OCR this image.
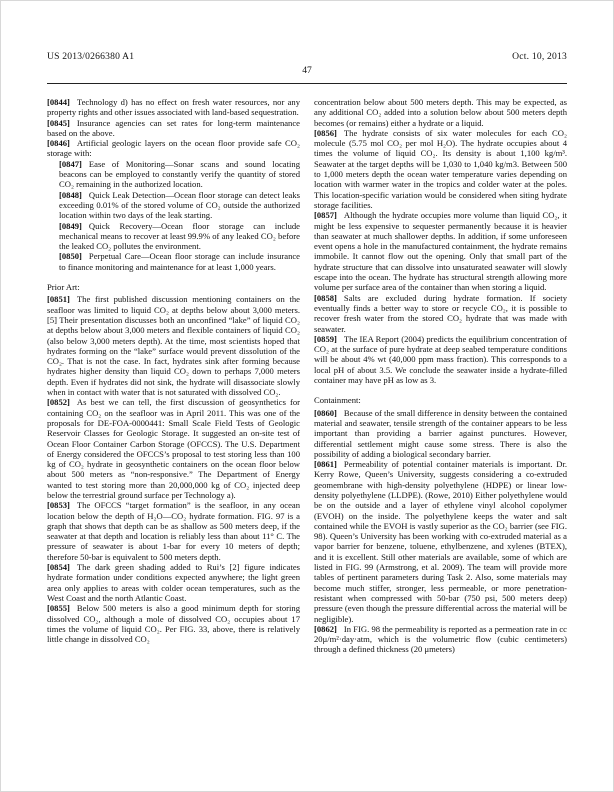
US 2013/0266380 A1	Oct. 10, 2013
47

[0844] Technology d) has no effect on fresh water resources, nor any property rights and other issues associated with land-based sequestration.

[0845] Insurance agencies can set rates for long-term maintenance based on the above.

[0846] Artificial geologic layers on the ocean floor provide safe CO₂ storage with:

[0847] Ease of Monitoring—Sonar scans and sound locating beacons can be employed to constantly verify the quantity of stored CO₂ remaining in the authorized location.

[0848] Quick Leak Detection—Ocean floor storage can detect leaks exceeding 0.01% of the stored volume of CO₂ outside the authorized location within two days of the leak starting.

[0849] Quick Recovery—Ocean floor storage can include mechanical means to recover at least 99.9% of any leaked CO₂ before the leaked CO₂ pollutes the environment.

[0850] Perpetual Care—Ocean floor storage can include insurance to finance monitoring and maintenance for at least 1,000 years.

Prior Art:

[0851] The first published discussion mentioning containers on the seafloor was limited to liquid CO₂ at depths below about 3,000 meters. [5] Their presentation discusses both an unconfined “lake” of liquid CO₂ at depths below about 3,000 meters and flexible containers of liquid CO₂ (also below 3,000 meters depth). At the time, most scientists hoped that hydrates forming on the “lake” surface would prevent dissolution of the CO₂. That is not the case. In fact, hydrates sink after forming because hydrates higher density than liquid CO₂ down to perhaps 7,000 meters depth. Even if hydrates did not sink, the hydrate will disassociate slowly when in contact with water that is not saturated with dissolved CO₂.

[0852] As best we can tell, the first discussion of geosynthetics for containing CO₂ on the seafloor was in April 2011. This was one of the proposals for DE-FOA-0000441: Small Scale Field Tests of Geologic Reservoir Classes for Geologic Storage. It suggested an on-site test of Ocean Floor Container Carbon Storage (OFCCS). The U.S. Department of Energy considered the OFCCS’s proposal to test storing less than 100 kg of CO₂ hydrate in geosynthetic containers on the ocean floor below about 500 meters as “non-responsive.” The Department of Energy wanted to test storing more than 20,000,000 kg of CO₂ injected deep below the terrestrial ground surface per Technology a).

[0853] The OFCCS “target formation” is the seafloor, in any ocean location below the depth of H₂O—CO₂ hydrate formation. FIG. 97 is a graph that shows that depth can be as shallow as 500 meters deep, if the seawater at that depth and location is reliably less than about 11° C. The pressure of seawater is about 1-bar for every 10 meters of depth; therefore 50-bar is equivalent to 500 meters depth.

[0854] The dark green shading added to Rui’s [2] figure indicates hydrate formation under conditions expected anywhere; the light green area only applies to areas with colder ocean temperatures, such as the West Coast and the north Atlantic Coast.

[0855] Below 500 meters is also a good minimum depth for storing dissolved CO₂, although a mole of dissolved CO₂ occupies about 17 times the volume of liquid CO₂. Per FIG. 33, above, there is relatively little change in dissolved CO₂

concentration below about 500 meters depth. This may be expected, as any additional CO₂ added into a solution below about 500 meters depth becomes (or remains) either a hydrate or a liquid.

[0856] The hydrate consists of six water molecules for each CO₂ molecule (5.75 mol CO₂ per mol H₂O). The hydrate occupies about 4 times the volume of liquid CO₂. Its density is about 1,100 kg/m³. Seawater at the target depths will be 1,030 to 1,040 kg/m3. Between 500 to 1,000 meters depth the ocean water temperature varies depending on location with warmer water in the tropics and colder water at the poles. This location-specific variation would be considered when siting hydrate storage facilities.

[0857] Although the hydrate occupies more volume than liquid CO₂, it might be less expensive to sequester permanently because it is heavier than seawater at much shallower depths. In addition, if some unforeseen event opens a hole in the manufactured containment, the hydrate remains immobile. It cannot flow out the opening. Only that small part of the hydrate structure that can dissolve into unsaturated seawater will slowly escape into the ocean. The hydrate has structural strength allowing more volume per surface area of the container than when storing a liquid.

[0858] Salts are excluded during hydrate formation. If society eventually finds a better way to store or recycle CO₂, it is possible to recover fresh water from the stored CO₂ hydrate that was made with seawater.

[0859] The IEA Report (2004) predicts the equilibrium concentration of CO₂ at the surface of pure hydrate at deep seabed temperature conditions will be about 4% wt (40,000 ppm mass fraction). This corresponds to a local pH of about 3.5. We conclude the seawater inside a hydrate-filled container may have pH as low as 3.

Containment:

[0860] Because of the small difference in density between the contained material and seawater, tensile strength of the container appears to be less important than providing a barrier against punctures. However, differential settlement might cause some stress. There is also the possibility of adding a biological secondary barrier.

[0861] Permeability of potential container materials is important. Dr. Kerry Rowe, Queen’s University, suggests considering a co-extruded geomembrane with high-density polyethylene (HDPE) or linear low-density polyethylene (LLDPE). (Rowe, 2010) Either polyethylene would be on the outside and a layer of ethylene vinyl alcohol copolymer (EVOH) on the inside. The polyethylene keeps the water and salt contained while the EVOH is vastly superior as the CO₂ barrier (see FIG. 98). Queen’s University has been working with co-extruded material as a vapor barrier for benzene, toluene, ethylbenzene, and xylenes (BTEX), and it is excellent. Still other materials are available, some of which are listed in FIG. 99 (Armstrong, et al. 2009). The team will provide more tables of pertinent parameters during Task 2. Also, some materials may become much stiffer, stronger, less permeable, or more penetration-resistant when compressed with 50-bar (750 psi, 500 meters deep) pressure (even though the pressure differential across the material will be negligible).

[0862] In FIG. 98 the permeability is reported as a permeation rate in cc 20μ/m²·day·atm, which is the volumetric flow (cubic centimeters) through a defined thickness (20 μmeters)
